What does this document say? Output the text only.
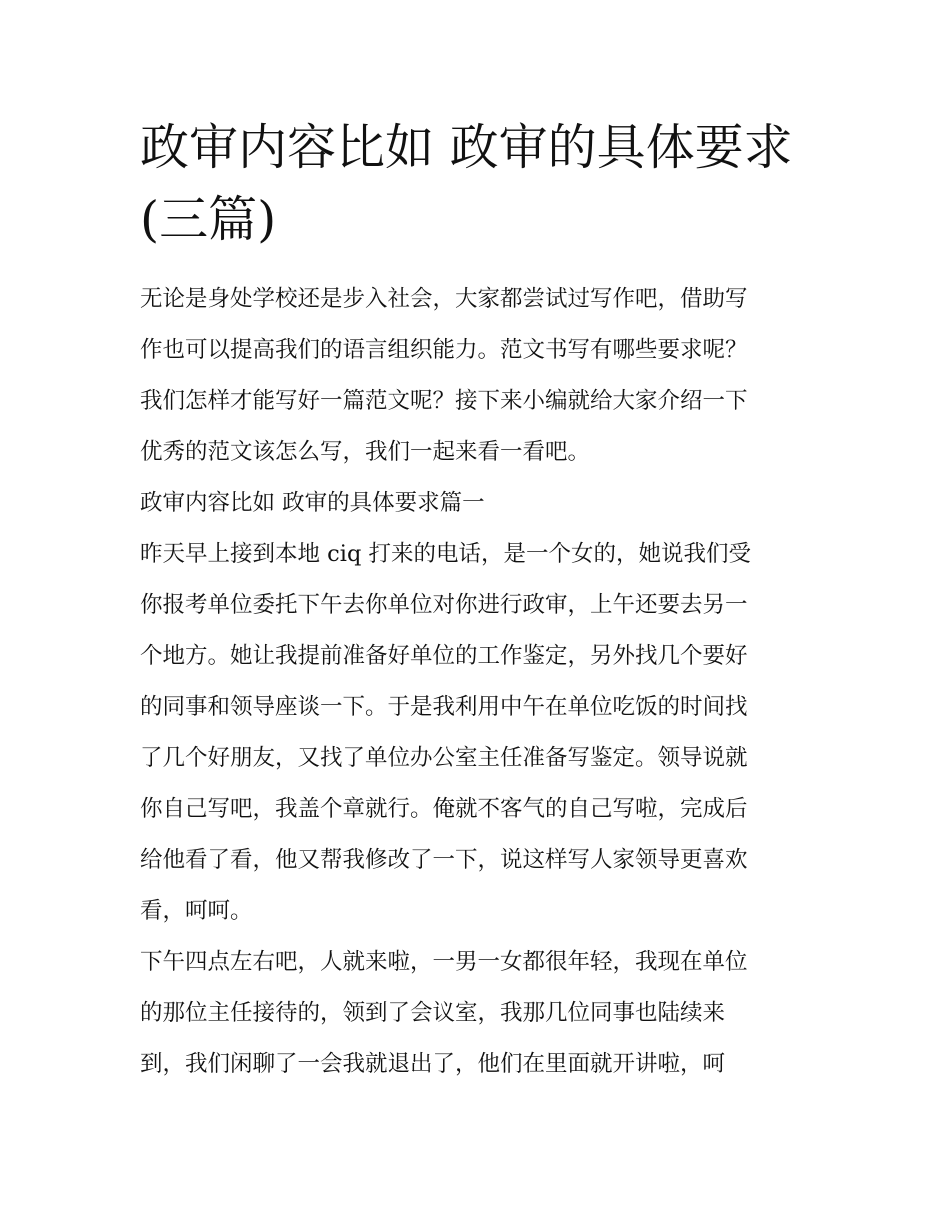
政审内容比如 政审的具体要求
(三篇)

无论是身处学校还是步入社会，大家都尝试过写作吧，借助写
作也可以提高我们的语言组织能力。范文书写有哪些要求呢？
我们怎样才能写好一篇范文呢？接下来小编就给大家介绍一下
优秀的范文该怎么写，我们一起来看一看吧。

政审内容比如 政审的具体要求篇一

昨天早上接到本地 ciq 打来的电话，是一个女的，她说我们受
你报考单位委托下午去你单位对你进行政审，上午还要去另一
个地方。她让我提前准备好单位的工作鉴定，另外找几个要好
的同事和领导座谈一下。于是我利用中午在单位吃饭的时间找
了几个好朋友，又找了单位办公室主任准备写鉴定。领导说就
你自己写吧，我盖个章就行。俺就不客气的自己写啦，完成后
给他看了看，他又帮我修改了一下，说这样写人家领导更喜欢
看，呵呵。

下午四点左右吧，人就来啦，一男一女都很年轻，我现在单位
的那位主任接待的，领到了会议室，我那几位同事也陆续来
到，我们闲聊了一会我就退出了，他们在里面就开讲啦，呵
